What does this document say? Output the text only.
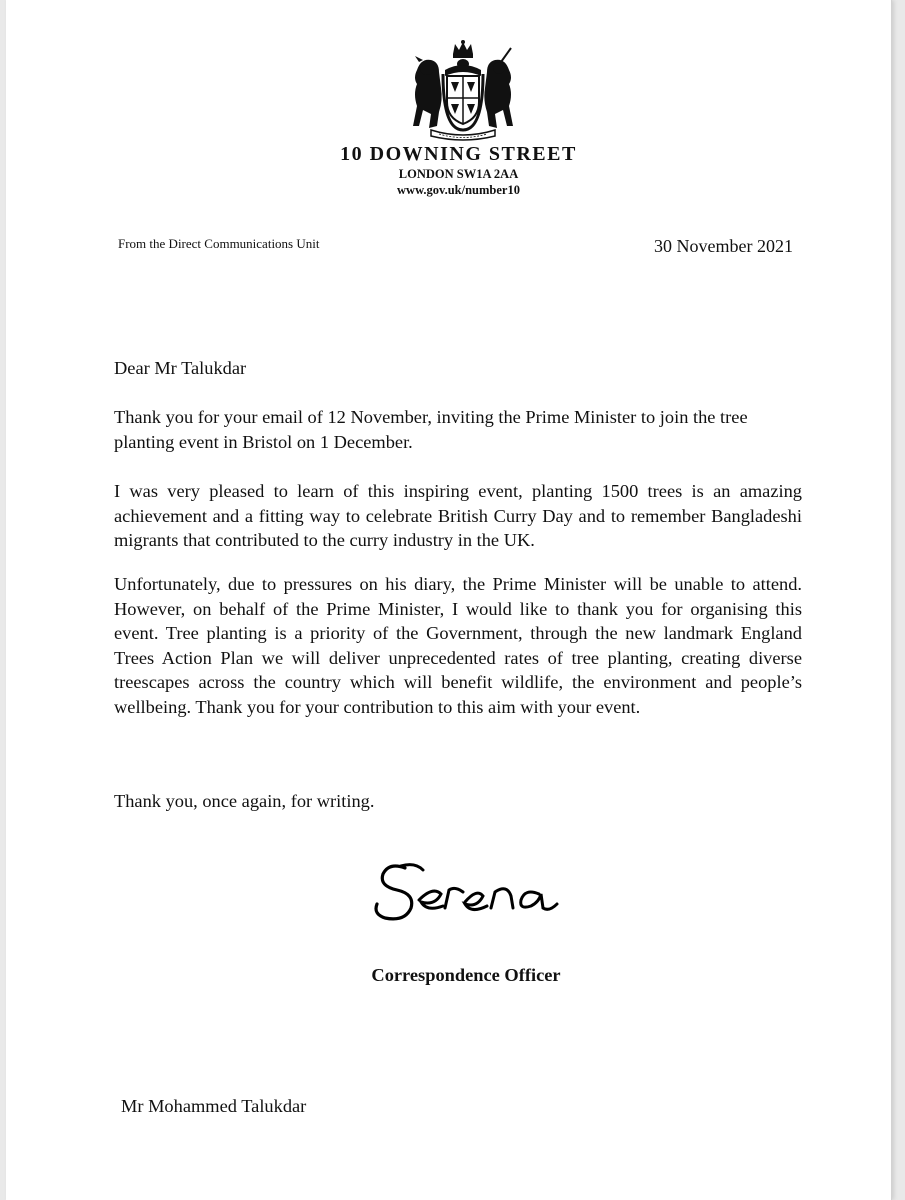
10 DOWNING STREET
LONDON SW1A 2AA
www.gov.uk/number10
From the Direct Communications Unit	30 November 2021
Dear Mr Talukdar
Thank you for your email of 12 November, inviting the Prime Minister to join the tree planting event in Bristol on 1 December.
I was very pleased to learn of this inspiring event, planting 1500 trees is an amazing achievement and a fitting way to celebrate British Curry Day and to remember Bangladeshi migrants that contributed to the curry industry in the UK.
Unfortunately, due to pressures on his diary, the Prime Minister will be unable to attend. However, on behalf of the Prime Minister, I would like to thank you for organising this event. Tree planting is a priority of the Government, through the new landmark England Trees Action Plan we will deliver unprecedented rates of tree planting, creating diverse treescapes across the country which will benefit wildlife, the environment and people’s wellbeing. Thank you for your contribution to this aim with your event.
Thank you, once again, for writing.
Correspondence Officer
Mr Mohammed Talukdar
